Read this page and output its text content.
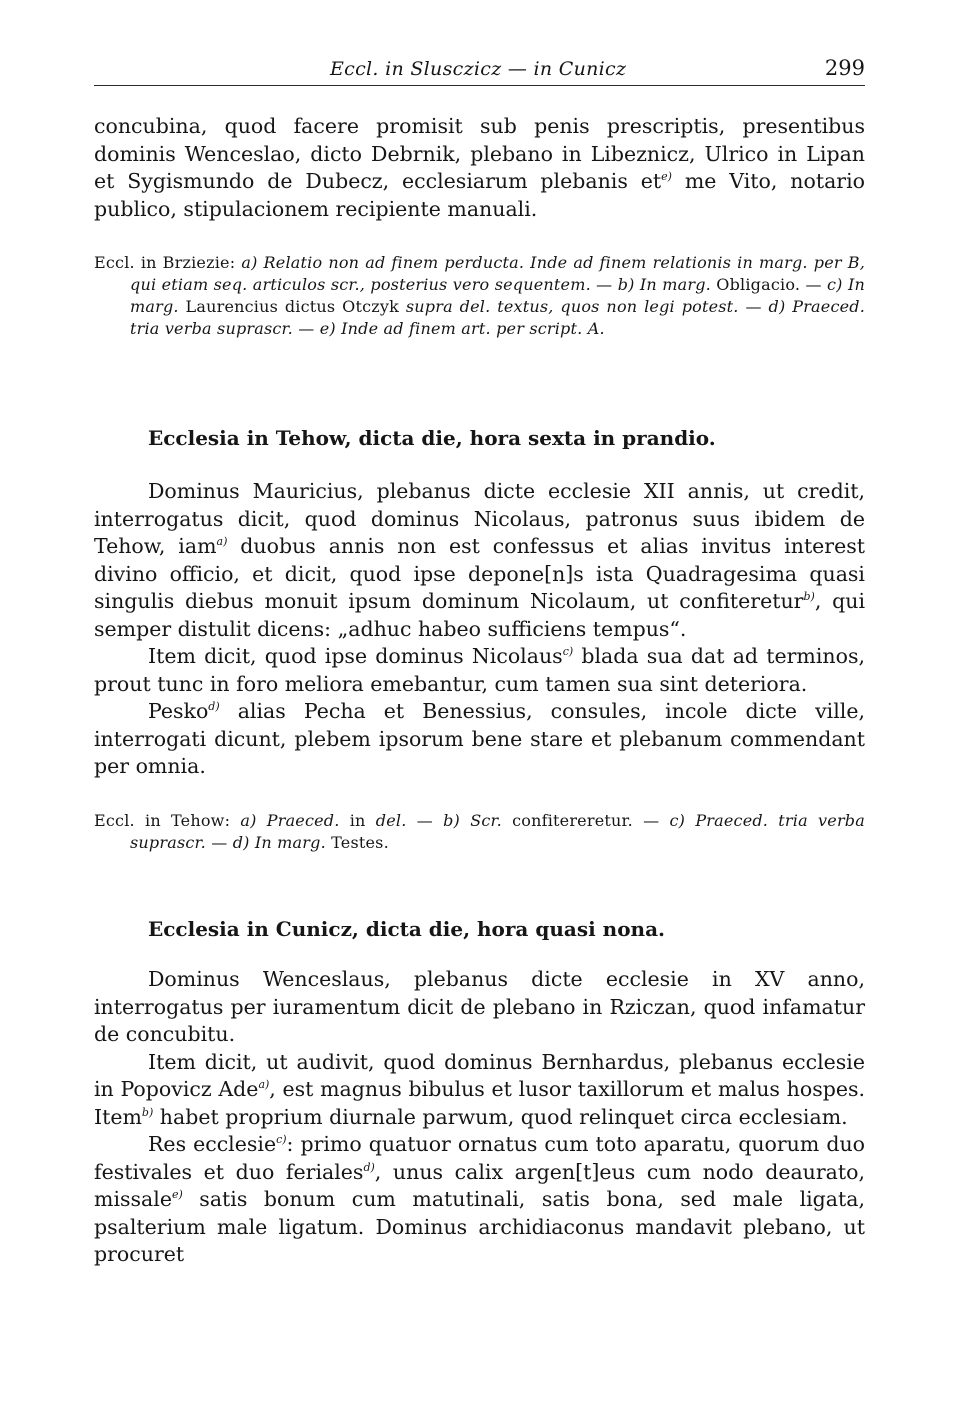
Eccl. in Slusczicz — in Cunicz	299

concubina, quod facere promisit sub penis prescriptis, presentibus dominis Wenceslao, dicto Debrnik, plebano in Libeznicz, Ulrico in Lipan et Sygismundo de Dubecz, ecclesiarum plebanis $et^{e)}$ me Vito, notario publico, stipulacionem recipiente manuali.

Eccl. in Brziezie: a) Relatio non ad finem perducta. Inde ad finem relationis in marg. per B, qui etiam seq. articulos scr., posterius vero sequentem. — b) In marg. Obligacio. — c) In marg. Laurencius dictus Otczyk supra del. textus, quos non legi potest. — d) Praeced. tria verba suprascr. — e) Inde ad finem art. per script. A.

Ecclesia in Tehow, dicta die, hora sexta in prandio.

Dominus Mauricius, plebanus dicte ecclesie XII annis, ut credit, interrogatus dicit, quod dominus Nicolaus, patronus suus ibidem de Tehow, iam$^{a)}$ duobus annis non est confessus et alias invitus interest divino officio, et dicit, quod ipse depone[n]s ista Quadragesima quasi singulis diebus monuit ipsum dominum Nicolaum, ut confiteretur$^{b)}$, qui semper distulit dicens: „adhuc habeo sufficiens tempus“.

Item dicit, quod ipse dominus Nicolaus$^{c)}$ blada sua dat ad terminos, prout tunc in foro meliora emebantur, cum tamen sua sint deteriora.

Pesko$^{d)}$ alias Pecha et Benessius, consules, incole dicte ville, interrogati dicunt, plebem ipsorum bene stare et plebanum commendant per omnia.

Eccl. in Tehow: a) Praeced. in del. — b) Scr. confitereretur. — c) Praeced. tria verba suprascr. — d) In marg. Testes.

Ecclesia in Cunicz, dicta die, hora quasi nona.

Dominus Wenceslaus, plebanus dicte ecclesie in XV anno, interrogatus per iuramentum dicit de plebano in Rziczan, quod infamatur de concubitu.

Item dicit, ut audivit, quod dominus Bernhardus, plebanus ecclesie in Popovicz Ade$^{a)}$, est magnus bibulus et lusor taxillorum et malus hospes. Item$^{b)}$ habet proprium diurnale parwum, quod relinquet circa ecclesiam.

Res ecclesie$^{c)}$: primo quatuor ornatus cum toto aparatu, quorum duo festivales et duo feriales$^{d)}$, unus calix argen[t]eus cum nodo deaurato, missale$^{e)}$ satis bonum cum matutinali, satis bona, sed male ligata, psalterium male ligatum. Dominus archidiaconus mandavit plebano, ut procuret
